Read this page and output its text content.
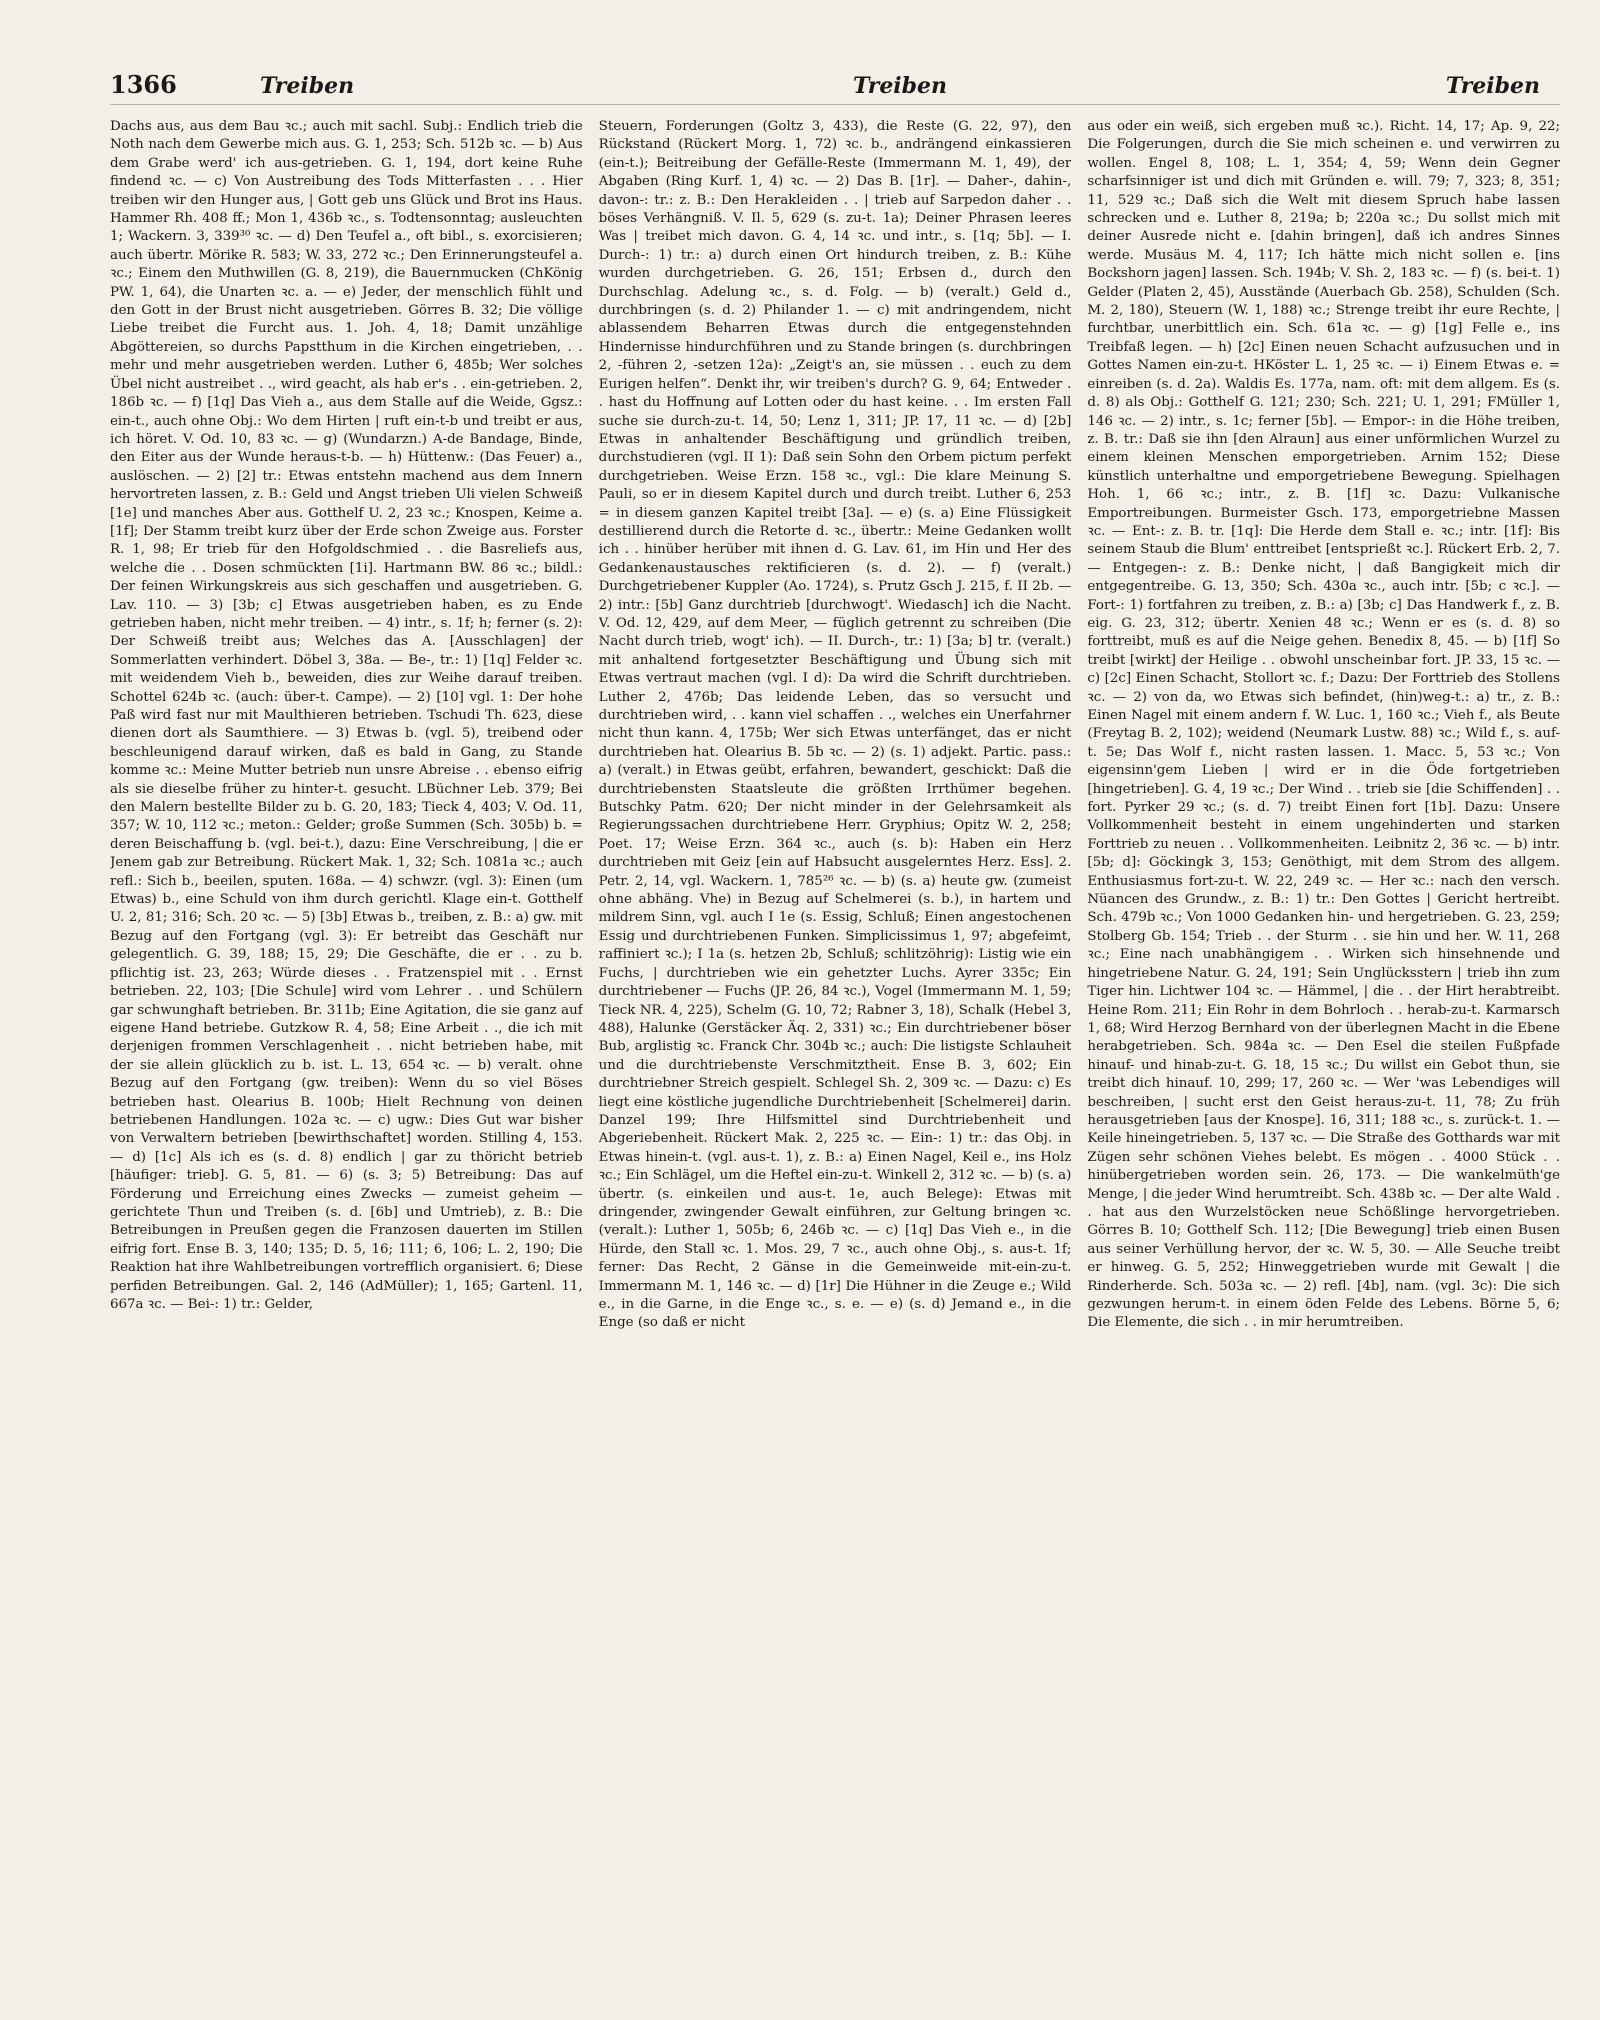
1366	Treiben	Treiben	Treiben

Dachs aus, aus dem Bau ꝛc.; auch mit sachl. Subj.: Endlich trieb die Noth nach dem Gewerbe mich aus. G. 1, 253; Sch. 512b ꝛc. — b) Aus dem Grabe werd' ich aus-getrieben. G. 1, 194, dort keine Ruhe findend ꝛc. — c) Von Austreibung des Tods Mitterfasten . . . Hier treiben wir den Hunger aus, | Gott geb uns Glück und Brot ins Haus. Hammer Rh. 408 ff.; Mon 1, 436b ꝛc., s. Todtensonntag; ausleuchten 1; Wackern. 3, 339³⁰ ꝛc. — d) Den Teufel a., oft bibl., s. exorcisieren; auch übertr. Mörike R. 583; W. 33, 272 ꝛc.; Den Erinnerungsteufel a. ꝛc.; Einem den Muthwillen (G. 8, 219), die Bauernmucken (ChKönig PW. 1, 64), die Unarten ꝛc. a. — e) Jeder, der menschlich fühlt und den Gott in der Brust nicht ausgetrieben. Görres B. 32; Die völlige Liebe treibet die Furcht aus. 1. Joh. 4, 18; Damit unzählige Abgöttereien, so durchs Papstthum in die Kirchen eingetrieben, . . mehr und mehr ausgetrieben werden. Luther 6, 485b; Wer solches Übel nicht austreibet . ., wird geacht, als hab er's . . ein-getrieben. 2, 186b ꝛc. — f) [1q] Das Vieh a., aus dem Stalle auf die Weide, Ggsz.: ein-t., auch ohne Obj.: Wo dem Hirten | ruft ein-t-b und treibt er aus, ich höret. V. Od. 10, 83 ꝛc. — g) (Wundarzn.) A-de Bandage, Binde, den Eiter aus der Wunde heraus-t-b. — h) Hüttenw.: (Das Feuer) a., auslöschen. — 2) [2] tr.: Etwas entstehn machend aus dem Innern hervortreten lassen, z. B.: Geld und Angst trieben Uli vielen Schweiß [1e] und manches Aber aus. Gotthelf U. 2, 23 ꝛc.; Knospen, Keime a. [1f]; Der Stamm treibt kurz über der Erde schon Zweige aus. Forster R. 1, 98; Er trieb für den Hofgoldschmied . . die Basreliefs aus, welche die . . Dosen schmückten [1i]. Hartmann BW. 86 ꝛc.; bildl.: Der feinen Wirkungskreis aus sich geschaffen und ausgetrieben. G. Lav. 110. — 3) [3b; c] Etwas ausgetrieben haben, es zu Ende getrieben haben, nicht mehr treiben. — 4) intr., s. 1f; h; ferner (s. 2): Der Schweiß treibt aus; Welches das A. [Ausschlagen] der Sommerlatten verhindert. Döbel 3, 38a. — Be-, tr.: 1) [1q] Felder ꝛc. mit weidendem Vieh b., beweiden, dies zur Weihe darauf treiben. Schottel 624b ꝛc. (auch: über-t. Campe). — 2) [10] vgl. 1: Der hohe Paß wird fast nur mit Maulthieren betrieben. Tschudi Th. 623, diese dienen dort als Saumthiere. — 3) Etwas b. (vgl. 5), treibend oder beschleunigend darauf wirken, daß es bald in Gang, zu Stande komme ꝛc.: Meine Mutter betrieb nun unsre Abreise . . ebenso eifrig als sie dieselbe früher zu hinter-t. gesucht. LBüchner Leb. 379; Bei den Malern bestellte Bilder zu b. G. 20, 183; Tieck 4, 403; V. Od. 11, 357; W. 10, 112 ꝛc.; meton.: Gelder; große Summen (Sch. 305b) b. = deren Beischaffung b. (vgl. bei-t.), dazu: Eine Verschreibung, | die er Jenem gab zur Betreibung. Rückert Mak. 1, 32; Sch. 1081a ꝛc.; auch refl.: Sich b., beeilen, sputen. 168a. — 4) schwzr. (vgl. 3): Einen (um Etwas) b., eine Schuld von ihm durch gerichtl. Klage ein-t. Gotthelf U. 2, 81; 316; Sch. 20 ꝛc. — 5) [3b] Etwas b., treiben, z. B.: a) gw. mit Bezug auf den Fortgang (vgl. 3): Er betreibt das Geschäft nur gelegentlich. G. 39, 188; 15, 29; Die Geschäfte, die er . . zu b. pflichtig ist. 23, 263; Würde dieses . . Fratzenspiel mit . . Ernst betrieben. 22, 103; [Die Schule] wird vom Lehrer . . und Schülern gar schwunghaft betrieben. Br. 311b; Eine Agitation, die sie ganz auf eigene Hand betriebe. Gutzkow R. 4, 58; Eine Arbeit . ., die ich mit derjenigen frommen Verschlagenheit . . nicht betrieben habe, mit der sie allein glücklich zu b. ist. L. 13, 654 ꝛc. — b) veralt. ohne Bezug auf den Fortgang (gw. treiben): Wenn du so viel Böses betrieben hast. Olearius B. 100b; Hielt Rechnung von deinen betriebenen Handlungen. 102a ꝛc. — c) ugw.: Dies Gut war bisher von Verwaltern betrieben [bewirthschaftet] worden. Stilling 4, 153. — d) [1c] Als ich es (s. d. 8) endlich | gar zu thöricht betrieb [häufiger: trieb]. G. 5, 81. — 6) (s. 3; 5) Betreibung: Das auf Förderung und Erreichung eines Zwecks — zumeist geheim — gerichtete Thun und Treiben (s. d. [6b] und Umtrieb), z. B.: Die Betreibungen in Preußen gegen die Franzosen dauerten im Stillen eifrig fort. Ense B. 3, 140; 135; D. 5, 16; 111; 6, 106; L. 2, 190; Die Reaktion hat ihre Wahlbetreibungen vortrefflich organisiert. 6; Diese perfiden Betreibungen. Gal. 2, 146 (AdMüller); 1, 165; Gartenl. 11, 667a ꝛc. — Bei-: 1) tr.: Gelder,

Steuern, Forderungen (Goltz 3, 433), die Reste (G. 22, 97), den Rückstand (Rückert Morg. 1, 72) ꝛc. b., andrängend einkassieren (ein-t.); Beitreibung der Gefälle-Reste (Immermann M. 1, 49), der Abgaben (Ring Kurf. 1, 4) ꝛc. — 2) Das B. [1r]. — Daher-, dahin-, davon-: tr.: z. B.: Den Herakleiden . . | trieb auf Sarpedon daher . . böses Verhängniß. V. Il. 5, 629 (s. zu-t. 1a); Deiner Phrasen leeres Was | treibet mich davon. G. 4, 14 ꝛc. und intr., s. [1q; 5b]. — I. Durch-: 1) tr.: a) durch einen Ort hindurch treiben, z. B.: Kühe wurden durchgetrieben. G. 26, 151; Erbsen d., durch den Durchschlag. Adelung ꝛc., s. d. Folg. — b) (veralt.) Geld d., durchbringen (s. d. 2) Philander 1. — c) mit andringendem, nicht ablassendem Beharren Etwas durch die entgegenstehnden Hindernisse hindurchführen und zu Stande bringen (s. durchbringen 2, -führen 2, -setzen 12a): „Zeigt's an, sie müssen . . euch zu dem Eurigen helfen“. Denkt ihr, wir treiben's durch? G. 9, 64; Entweder . . hast du Hoffnung auf Lotten oder du hast keine. . . Im ersten Fall suche sie durch-zu-t. 14, 50; Lenz 1, 311; JP. 17, 11 ꝛc. — d) [2b] Etwas in anhaltender Beschäftigung und gründlich treiben, durchstudieren (vgl. II 1): Daß sein Sohn den Orbem pictum perfekt durchgetrieben. Weise Erzn. 158 ꝛc., vgl.: Die klare Meinung S. Pauli, so er in diesem Kapitel durch und durch treibt. Luther 6, 253 = in diesem ganzen Kapitel treibt [3a]. — e) (s. a) Eine Flüssigkeit destillierend durch die Retorte d. ꝛc., übertr.: Meine Gedanken wollt ich . . hinüber herüber mit ihnen d. G. Lav. 61, im Hin und Her des Gedankenaustausches rektificieren (s. d. 2). — f) (veralt.) Durchgetriebener Kuppler (Ao. 1724), s. Prutz Gsch J. 215, f. II 2b. — 2) intr.: [5b] Ganz durchtrieb [durchwogt'. Wiedasch] ich die Nacht. V. Od. 12, 429, auf dem Meer, — füglich getrennt zu schreiben (Die Nacht durch trieb, wogt' ich). — II. Durch-, tr.: 1) [3a; b] tr. (veralt.) mit anhaltend fortgesetzter Beschäftigung und Übung sich mit Etwas vertraut machen (vgl. I d): Da wird die Schrift durchtrieben. Luther 2, 476b; Das leidende Leben, das so versucht und durchtrieben wird, . . kann viel schaffen . ., welches ein Unerfahrner nicht thun kann. 4, 175b; Wer sich Etwas unterfänget, das er nicht durchtrieben hat. Olearius B. 5b ꝛc. — 2) (s. 1) adjekt. Partic. pass.: a) (veralt.) in Etwas geübt, erfahren, bewandert, geschickt: Daß die durchtriebensten Staatsleute die größten Irrthümer begehen. Butschky Patm. 620; Der nicht minder in der Gelehrsamkeit als Regierungssachen durchtriebene Herr. Gryphius; Opitz W. 2, 258; Poet. 17; Weise Erzn. 364 ꝛc., auch (s. b): Haben ein Herz durchtrieben mit Geiz [ein auf Habsucht ausgelerntes Herz. Ess]. 2. Petr. 2, 14, vgl. Wackern. 1, 785²⁶ ꝛc. — b) (s. a) heute gw. (zumeist ohne abhäng. Vhe) in Bezug auf Schelmerei (s. b.), in hartem und mildrem Sinn, vgl. auch I 1e (s. Essig, Schluß; Einen angestochenen Essig und durchtriebenen Funken. Simplicissimus 1, 97; abgefeimt, raffiniert ꝛc.); I 1a (s. hetzen 2b, Schluß; schlitzöhrig): Listig wie ein Fuchs, | durchtrieben wie ein gehetzter Luchs. Ayrer 335c; Ein durchtriebener — Fuchs (JP. 26, 84 ꝛc.), Vogel (Immermann M. 1, 59; Tieck NR. 4, 225), Schelm (G. 10, 72; Rabner 3, 18), Schalk (Hebel 3, 488), Halunke (Gerstäcker Äq. 2, 331) ꝛc.; Ein durchtriebener böser Bub, arglistig ꝛc. Franck Chr. 304b ꝛc.; auch: Die listigste Schlauheit und die durchtriebenste Verschmitztheit. Ense B. 3, 602; Ein durchtriebner Streich gespielt. Schlegel Sh. 2, 309 ꝛc. — Dazu: c) Es liegt eine köstliche jugendliche Durchtriebenheit [Schelmerei] darin. Danzel 199; Ihre Hilfsmittel sind Durchtriebenheit und Abgeriebenheit. Rückert Mak. 2, 225 ꝛc. — Ein-: 1) tr.: das Obj. in Etwas hinein-t. (vgl. aus-t. 1), z. B.: a) Einen Nagel, Keil e., ins Holz ꝛc.; Ein Schlägel, um die Heftel ein-zu-t. Winkell 2, 312 ꝛc. — b) (s. a) übertr. (s. einkeilen und aus-t. 1e, auch Belege): Etwas mit dringender, zwingender Gewalt einführen, zur Geltung bringen ꝛc. (veralt.): Luther 1, 505b; 6, 246b ꝛc. — c) [1q] Das Vieh e., in die Hürde, den Stall ꝛc. 1. Mos. 29, 7 ꝛc., auch ohne Obj., s. aus-t. 1f; ferner: Das Recht, 2 Gänse in die Gemeinweide mit-ein-zu-t. Immermann M. 1, 146 ꝛc. — d) [1r] Die Hühner in die Zeuge e.; Wild e., in die Garne, in die Enge ꝛc., s. e. — e) (s. d) Jemand e., in die Enge (so daß er nicht

aus oder ein weiß, sich ergeben muß ꝛc.). Richt. 14, 17; Ap. 9, 22; Die Folgerungen, durch die Sie mich scheinen e. und verwirren zu wollen. Engel 8, 108; L. 1, 354; 4, 59; Wenn dein Gegner scharfsinniger ist und dich mit Gründen e. will. 79; 7, 323; 8, 351; 11, 529 ꝛc.; Daß sich die Welt mit diesem Spruch habe lassen schrecken und e. Luther 8, 219a; b; 220a ꝛc.; Du sollst mich mit deiner Ausrede nicht e. [dahin bringen], daß ich andres Sinnes werde. Musäus M. 4, 117; Ich hätte mich nicht sollen e. [ins Bockshorn jagen] lassen. Sch. 194b; V. Sh. 2, 183 ꝛc. — f) (s. bei-t. 1) Gelder (Platen 2, 45), Ausstände (Auerbach Gb. 258), Schulden (Sch. M. 2, 180), Steuern (W. 1, 188) ꝛc.; Strenge treibt ihr eure Rechte, | furchtbar, unerbittlich ein. Sch. 61a ꝛc. — g) [1g] Felle e., ins Treibfaß legen. — h) [2c] Einen neuen Schacht aufzusuchen und in Gottes Namen ein-zu-t. HKöster L. 1, 25 ꝛc. — i) Einem Etwas e. = einreiben (s. d. 2a). Waldis Es. 177a, nam. oft: mit dem allgem. Es (s. d. 8) als Obj.: Gotthelf G. 121; 230; Sch. 221; U. 1, 291; FMüller 1, 146 ꝛc. — 2) intr., s. 1c; ferner [5b]. — Empor-: in die Höhe treiben, z. B. tr.: Daß sie ihn [den Alraun] aus einer unförmlichen Wurzel zu einem kleinen Menschen emporgetrieben. Arnim 152; Diese künstlich unterhaltne und emporgetriebene Bewegung. Spielhagen Hoh. 1, 66 ꝛc.; intr., z. B. [1f] ꝛc. Dazu: Vulkanische Emportreibungen. Burmeister Gsch. 173, emporgetriebne Massen ꝛc. — Ent-: z. B. tr. [1q]: Die Herde dem Stall e. ꝛc.; intr. [1f]: Bis seinem Staub die Blum' enttreibet [entsprießt ꝛc.]. Rückert Erb. 2, 7. — Entgegen-: z. B.: Denke nicht, | daß Bangigkeit mich dir entgegentreibe. G. 13, 350; Sch. 430a ꝛc., auch intr. [5b; c ꝛc.]. — Fort-: 1) fortfahren zu treiben, z. B.: a) [3b; c] Das Handwerk f., z. B. eig. G. 23, 312; übertr. Xenien 48 ꝛc.; Wenn er es (s. d. 8) so forttreibt, muß es auf die Neige gehen. Benedix 8, 45. — b) [1f] So treibt [wirkt] der Heilige . . obwohl unscheinbar fort. JP. 33, 15 ꝛc. — c) [2c] Einen Schacht, Stollort ꝛc. f.; Dazu: Der Forttrieb des Stollens ꝛc. — 2) von da, wo Etwas sich befindet, (hin)weg-t.: a) tr., z. B.: Einen Nagel mit einem andern f. W. Luc. 1, 160 ꝛc.; Vieh f., als Beute (Freytag B. 2, 102); weidend (Neumark Lustw. 88) ꝛc.; Wild f., s. auf-t. 5e; Das Wolf f., nicht rasten lassen. 1. Macc. 5, 53 ꝛc.; Von eigensinn'gem Lieben | wird er in die Öde fortgetrieben [hingetrieben]. G. 4, 19 ꝛc.; Der Wind . . trieb sie [die Schiffenden] . . fort. Pyrker 29 ꝛc.; (s. d. 7) treibt Einen fort [1b]. Dazu: Unsere Vollkommenheit besteht in einem ungehinderten und starken Forttrieb zu neuen . . Vollkommenheiten. Leibnitz 2, 36 ꝛc. — b) intr. [5b; d]: Göckingk 3, 153; Genöthigt, mit dem Strom des allgem. Enthusiasmus fort-zu-t. W. 22, 249 ꝛc. — Her ꝛc.: nach den versch. Nüancen des Grundw., z. B.: 1) tr.: Den Gottes | Gericht hertreibt. Sch. 479b ꝛc.; Von 1000 Gedanken hin- und hergetrieben. G. 23, 259; Stolberg Gb. 154; Trieb . . der Sturm . . sie hin und her. W. 11, 268 ꝛc.; Eine nach unabhängigem . . Wirken sich hinsehnende und hingetriebene Natur. G. 24, 191; Sein Unglücksstern | trieb ihn zum Tiger hin. Lichtwer 104 ꝛc. — Hämmel, | die . . der Hirt herabtreibt. Heine Rom. 211; Ein Rohr in dem Bohrloch . . herab-zu-t. Karmarsch 1, 68; Wird Herzog Bernhard von der überlegnen Macht in die Ebene herabgetrieben. Sch. 984a ꝛc. — Den Esel die steilen Fußpfade hinauf- und hinab-zu-t. G. 18, 15 ꝛc.; Du willst ein Gebot thun, sie treibt dich hinauf. 10, 299; 17, 260 ꝛc. — Wer 'was Lebendiges will beschreiben, | sucht erst den Geist heraus-zu-t. 11, 78; Zu früh herausgetrieben [aus der Knospe]. 16, 311; 188 ꝛc., s. zurück-t. 1. — Keile hineingetrieben. 5, 137 ꝛc. — Die Straße des Gotthards war mit Zügen sehr schönen Viehes belebt. Es mögen . . 4000 Stück . . hinübergetrieben worden sein. 26, 173. — Die wankelmüth'ge Menge, | die jeder Wind herumtreibt. Sch. 438b ꝛc. — Der alte Wald . . hat aus den Wurzelstöcken neue Schößlinge hervorgetrieben. Görres B. 10; Gotthelf Sch. 112; [Die Bewegung] trieb einen Busen aus seiner Verhüllung hervor, der ꝛc. W. 5, 30. — Alle Seuche treibt er hinweg. G. 5, 252; Hinweggetrieben wurde mit Gewalt | die Rinderherde. Sch. 503a ꝛc. — 2) refl. [4b], nam. (vgl. 3c): Die sich gezwungen herum-t. in einem öden Felde des Lebens. Börne 5, 6; Die Elemente, die sich . . in mir herumtreiben.
